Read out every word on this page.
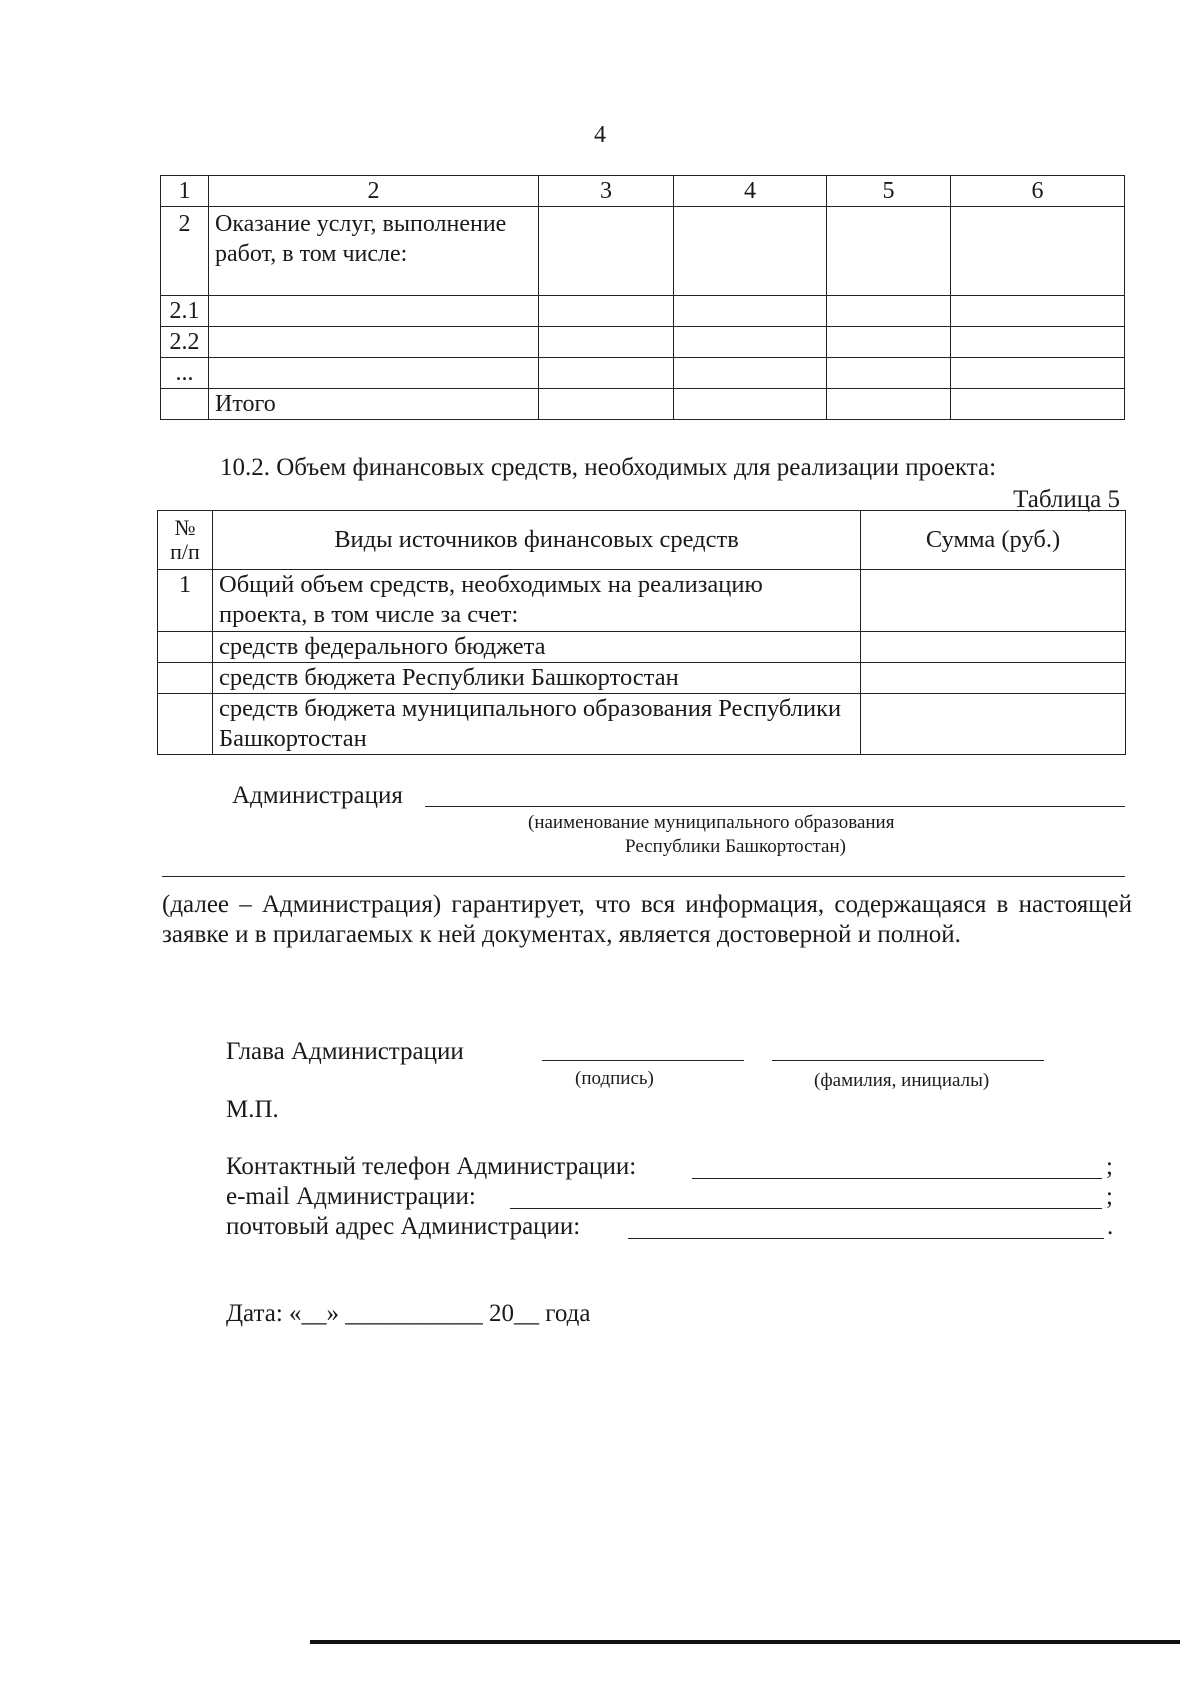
4
1	2	3	4	5	6
2	Оказание услуг, выполнение работ, в том числе:				
2.1					
2.2					
...					
	Итого				
10.2. Объем финансовых средств, необходимых для реализации проекта:
Таблица 5
№ п/п	Виды источников финансовых средств	Сумма (руб.)
1	Общий объем средств, необходимых на реализацию проекта, в том числе за счет:	
	средств федерального бюджета	
	средств бюджета Республики Башкортостан	
	средств бюджета муниципального образования Республики Башкортостан	
Администрация
(наименование муниципального образования
Республики Башкортостан)
(далее – Администрация) гарантирует, что вся информация, содержащаяся в настоящей заявке и в прилагаемых к ней документах, является достоверной и полной.
Глава Администрации
(подпись)	(фамилия, инициалы)
М.П.
Контактный телефон Администрации:	;
e-mail Администрации:	;
почтовый адрес Администрации:	.
Дата: «__» ___________ 20__ года
